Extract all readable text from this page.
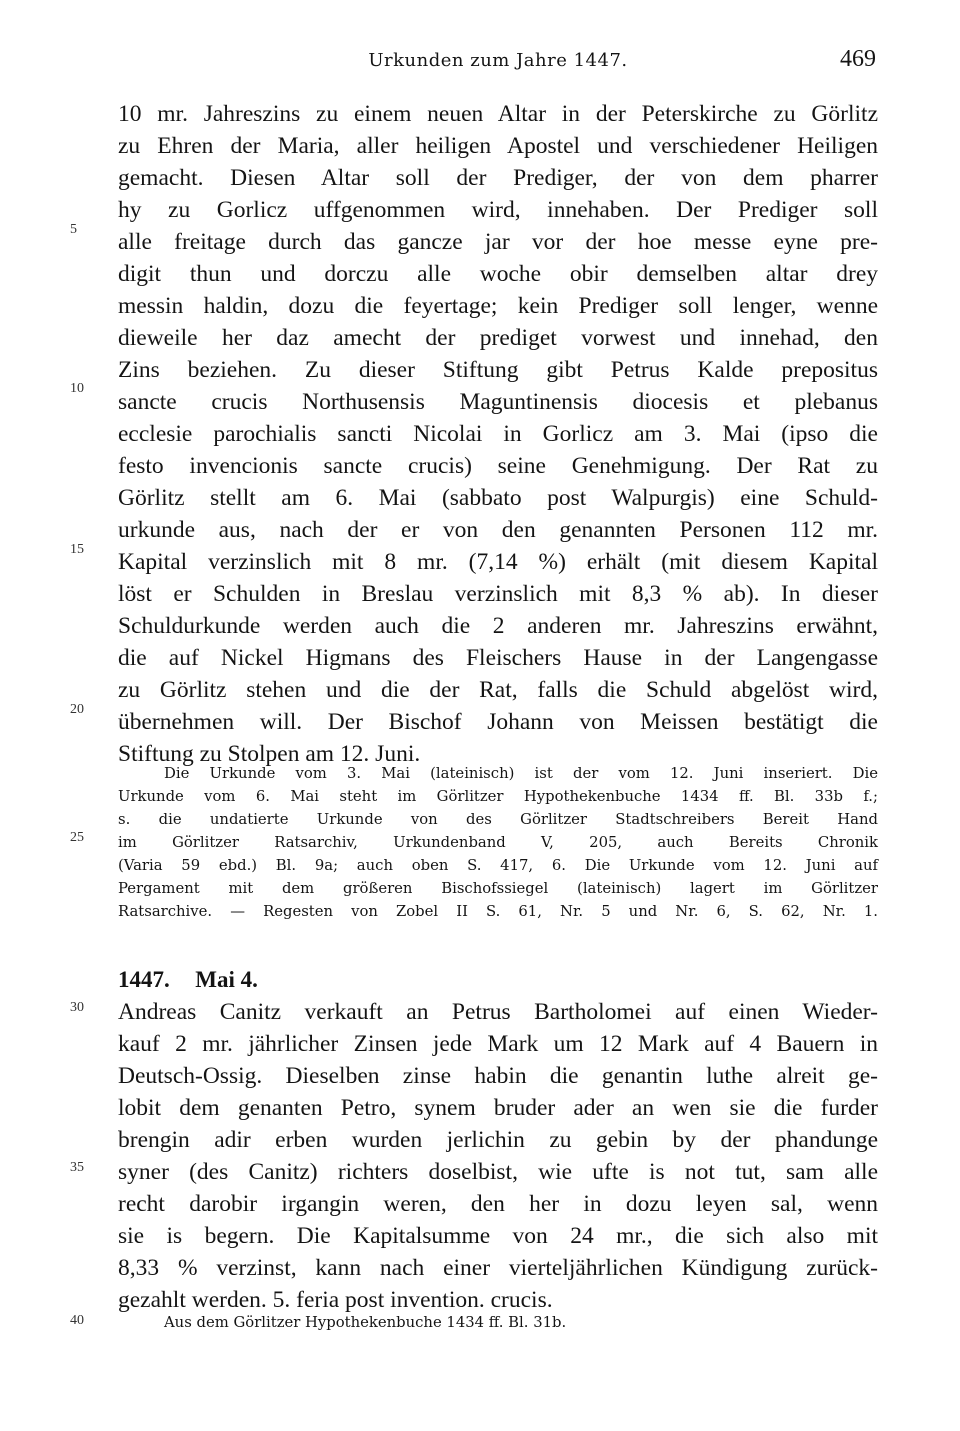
Urkunden zum Jahre 1447.	469
10 mr. Jahreszins zu einem neuen Altar in der Peterskirche zu Görlitz
zu Ehren der Maria, aller heiligen Apostel und verschiedener Heiligen
gemacht. Diesen Altar soll der Prediger, der von dem pharrer
hy zu Gorlicz uffgenommen wird, innehaben. Der Prediger soll
alle freitage durch das gancze jar vor der hoe messe eyne pre-
digit thun und dorczu alle woche obir demselben altar drey
messin haldin, dozu die feyertage; kein Prediger soll lenger, wenne
dieweile her daz amecht der prediget vorwest und innehad, den
Zins beziehen. Zu dieser Stiftung gibt Petrus Kalde prepositus
sancte crucis Northusensis Maguntinensis diocesis et plebanus
ecclesie parochialis sancti Nicolai in Gorlicz am 3. Mai (ipso die
festo invencionis sancte crucis) seine Genehmigung. Der Rat zu
Görlitz stellt am 6. Mai (sabbato post Walpurgis) eine Schuld-
urkunde aus, nach der er von den genannten Personen 112 mr.
Kapital verzinslich mit 8 mr. (7,14 %) erhält (mit diesem Kapital
löst er Schulden in Breslau verzinslich mit 8,3 % ab). In dieser
Schuldurkunde werden auch die 2 anderen mr. Jahreszins erwähnt,
die auf Nickel Higmans des Fleischers Hause in der Langengasse
zu Görlitz stehen und die der Rat, falls die Schuld abgelöst wird,
übernehmen will. Der Bischof Johann von Meissen bestätigt die
Stiftung zu Stolpen am 12. Juni.
Die Urkunde vom 3. Mai (lateinisch) ist der vom 12. Juni inseriert. Die
Urkunde vom 6. Mai steht im Görlitzer Hypothekenbuche 1434 ff. Bl. 33b f.;
s. die undatierte Urkunde von des Görlitzer Stadtschreibers Bereit Hand
im Görlitzer Ratsarchiv, Urkundenband V, 205, auch Bereits Chronik
(Varia 59 ebd.) Bl. 9a; auch oben S. 417, 6. Die Urkunde vom 12. Juni auf
Pergament mit dem größeren Bischofssiegel (lateinisch) lagert im Görlitzer
Ratsarchive. — Regesten von Zobel II S. 61, Nr. 5 und Nr. 6, S. 62, Nr. 1.
1447. Mai 4.
Andreas Canitz verkauft an Petrus Bartholomei auf einen Wieder-
kauf 2 mr. jährlicher Zinsen jede Mark um 12 Mark auf 4 Bauern in
Deutsch-Ossig. Dieselben zinse habin die genantin luthe alreit ge-
lobit dem genanten Petro, synem bruder ader an wen sie die furder
brengin adir erben wurden jerlichin zu gebin by der phandunge
syner (des Canitz) richters doselbist, wie ufte is not tut, sam alle
recht darobir irgangin weren, den her in dozu leyen sal, wenn
sie is begern. Die Kapitalsumme von 24 mr., die sich also mit
8,33 % verzinst, kann nach einer vierteljährlichen Kündigung zurück-
gezahlt werden. 5. feria post invention. crucis.
Aus dem Görlitzer Hypothekenbuche 1434 ff. Bl. 31b.
5
10
15
20
25
30
35
40
